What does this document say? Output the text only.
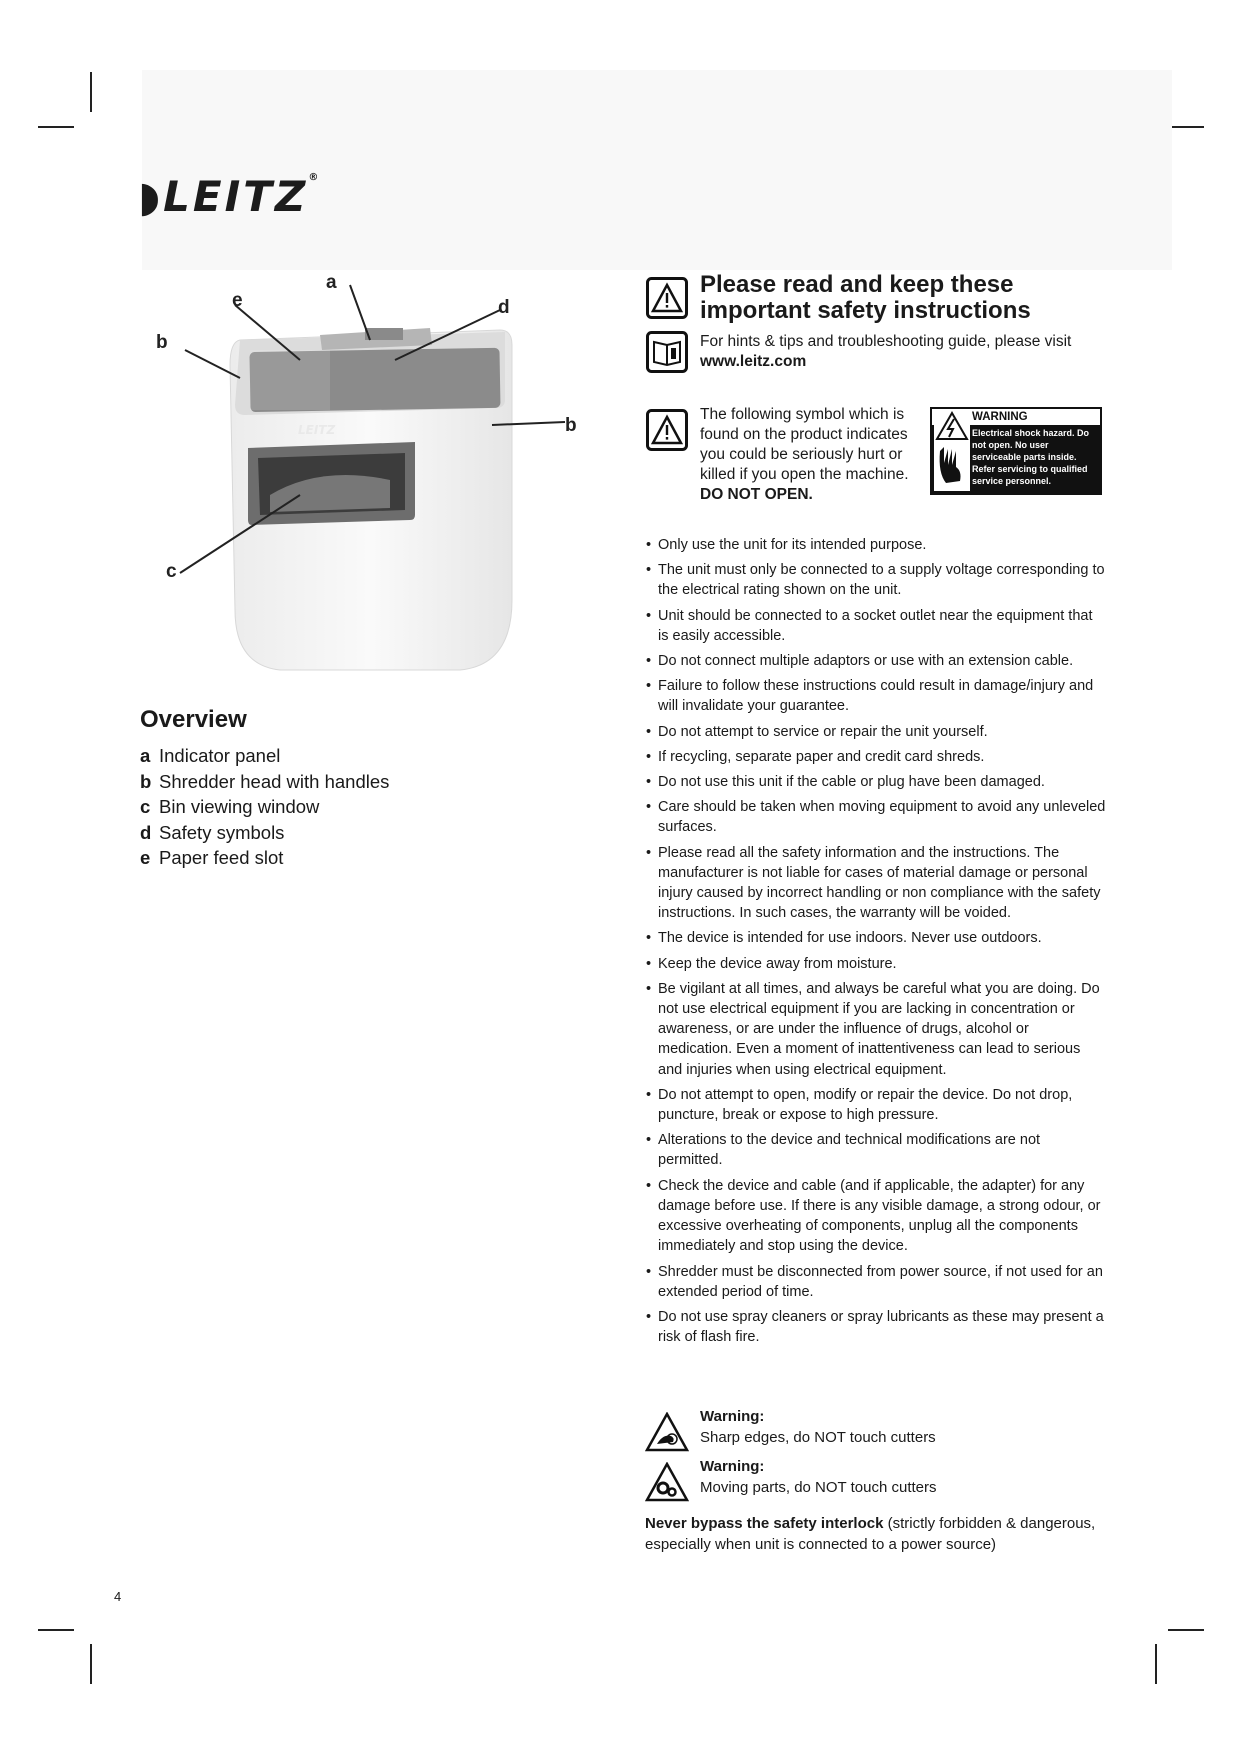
◗LEITZ®
LEITZ
a
e	d
b
b
c
Overview
a Indicator panel
b Shredder head with handles
c Bin viewing window
d Safety symbols
e Paper feed slot
Please read and keep these
important safety instructions
For hints & tips and troubleshooting guide, please visit
www.leitz.com
The following symbol which is found on the product indicates you could be seriously hurt or killed if you open the machine.
DO NOT OPEN.
WARNING
Electrical shock hazard. Do not open. No user serviceable parts inside. Refer servicing to qualified service personnel.
• Only use the unit for its intended purpose.
• The unit must only be connected to a supply voltage corresponding to the electrical rating shown on the unit.
• Unit should be connected to a socket outlet near the equipment that is easily accessible.
• Do not connect multiple adaptors or use with an extension cable.
• Failure to follow these instructions could result in damage/injury and will invalidate your guarantee.
• Do not attempt to service or repair the unit yourself.
• If recycling, separate paper and credit card shreds.
• Do not use this unit if the cable or plug have been damaged.
• Care should be taken when moving equipment to avoid any unleveled surfaces.
• Please read all the safety information and the instructions. The manufacturer is not liable for cases of material damage or personal injury caused by incorrect handling or non compliance with the safety instructions. In such cases, the warranty will be voided.
• The device is intended for use indoors. Never use outdoors.
• Keep the device away from moisture.
• Be vigilant at all times, and always be careful what you are doing. Do not use electrical equipment if you are lacking in concentration or awareness, or are under the influence of drugs, alcohol or medication. Even a moment of inattentiveness can lead to serious and injuries when using electrical equipment.
• Do not attempt to open, modify or repair the device. Do not drop, puncture, break or expose to high pressure.
• Alterations to the device and technical modifications are not permitted.
• Check the device and cable (and if applicable, the adapter) for any damage before use. If there is any visible damage, a strong odour, or excessive overheating of components, unplug all the components immediately and stop using the device.
• Shredder must be disconnected from power source, if not used for an extended period of time.
• Do not use spray cleaners or spray lubricants as these may present a risk of flash fire.
Warning:
Sharp edges, do NOT touch cutters
Warning:
Moving parts, do NOT touch cutters
Never bypass the safety interlock (strictly forbidden & dangerous, especially when unit is connected to a power source)
4
